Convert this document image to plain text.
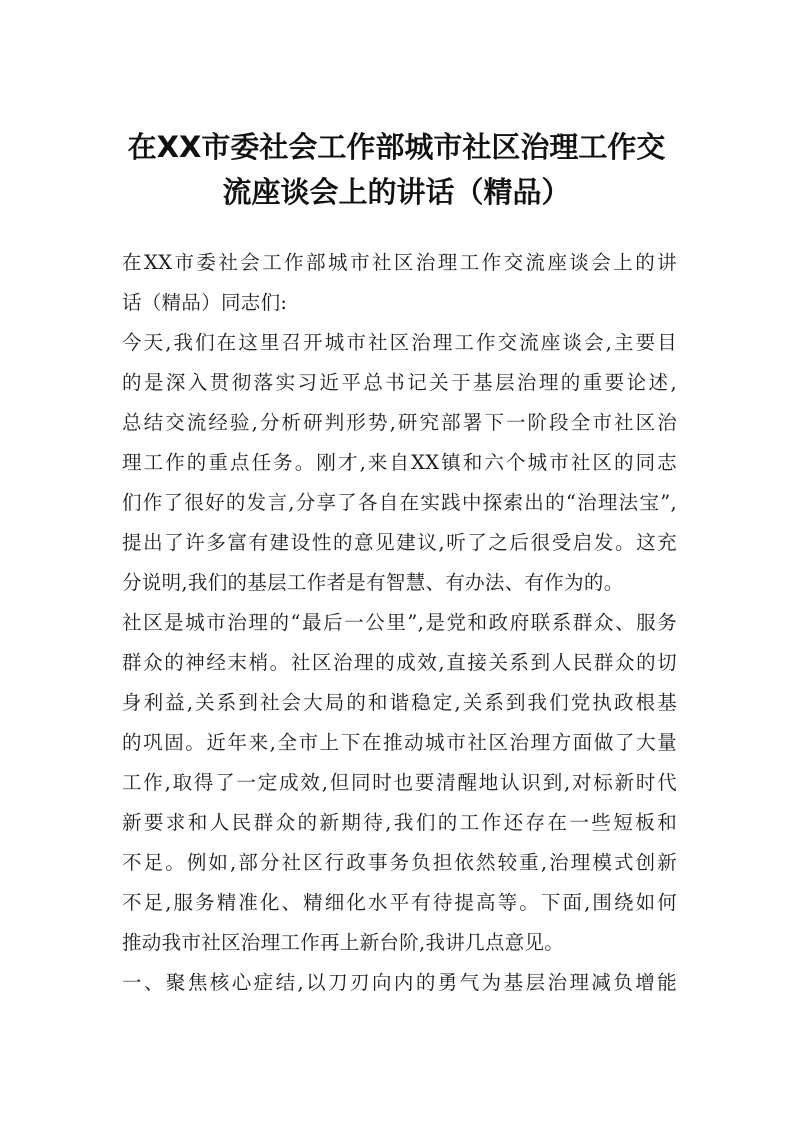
在XX市委社会工作部城市社区治理工作交
流座谈会上的讲话（精品）
在XX市委社会工作部城市社区治理工作交流座谈会上的讲
话（精品）同志们:
今天,我们在这里召开城市社区治理工作交流座谈会,主要目
的是深入贯彻落实习近平总书记关于基层治理的重要论述,
总结交流经验,分析研判形势,研究部署下一阶段全市社区治
理工作的重点任务。刚才,来自XX镇和六个城市社区的同志
们作了很好的发言,分享了各自在实践中探索出的“治理法宝”,
提出了许多富有建设性的意见建议,听了之后很受启发。这充
分说明,我们的基层工作者是有智慧、有办法、有作为的。
社区是城市治理的“最后一公里”,是党和政府联系群众、服务
群众的神经末梢。社区治理的成效,直接关系到人民群众的切
身利益,关系到社会大局的和谐稳定,关系到我们党执政根基
的巩固。近年来,全市上下在推动城市社区治理方面做了大量
工作,取得了一定成效,但同时也要清醒地认识到,对标新时代
新要求和人民群众的新期待,我们的工作还存在一些短板和
不足。例如,部分社区行政事务负担依然较重,治理模式创新
不足,服务精准化、精细化水平有待提高等。下面,围绕如何
推动我市社区治理工作再上新台阶,我讲几点意见。
一、聚焦核心症结,以刀刃向内的勇气为基层治理减负增能
